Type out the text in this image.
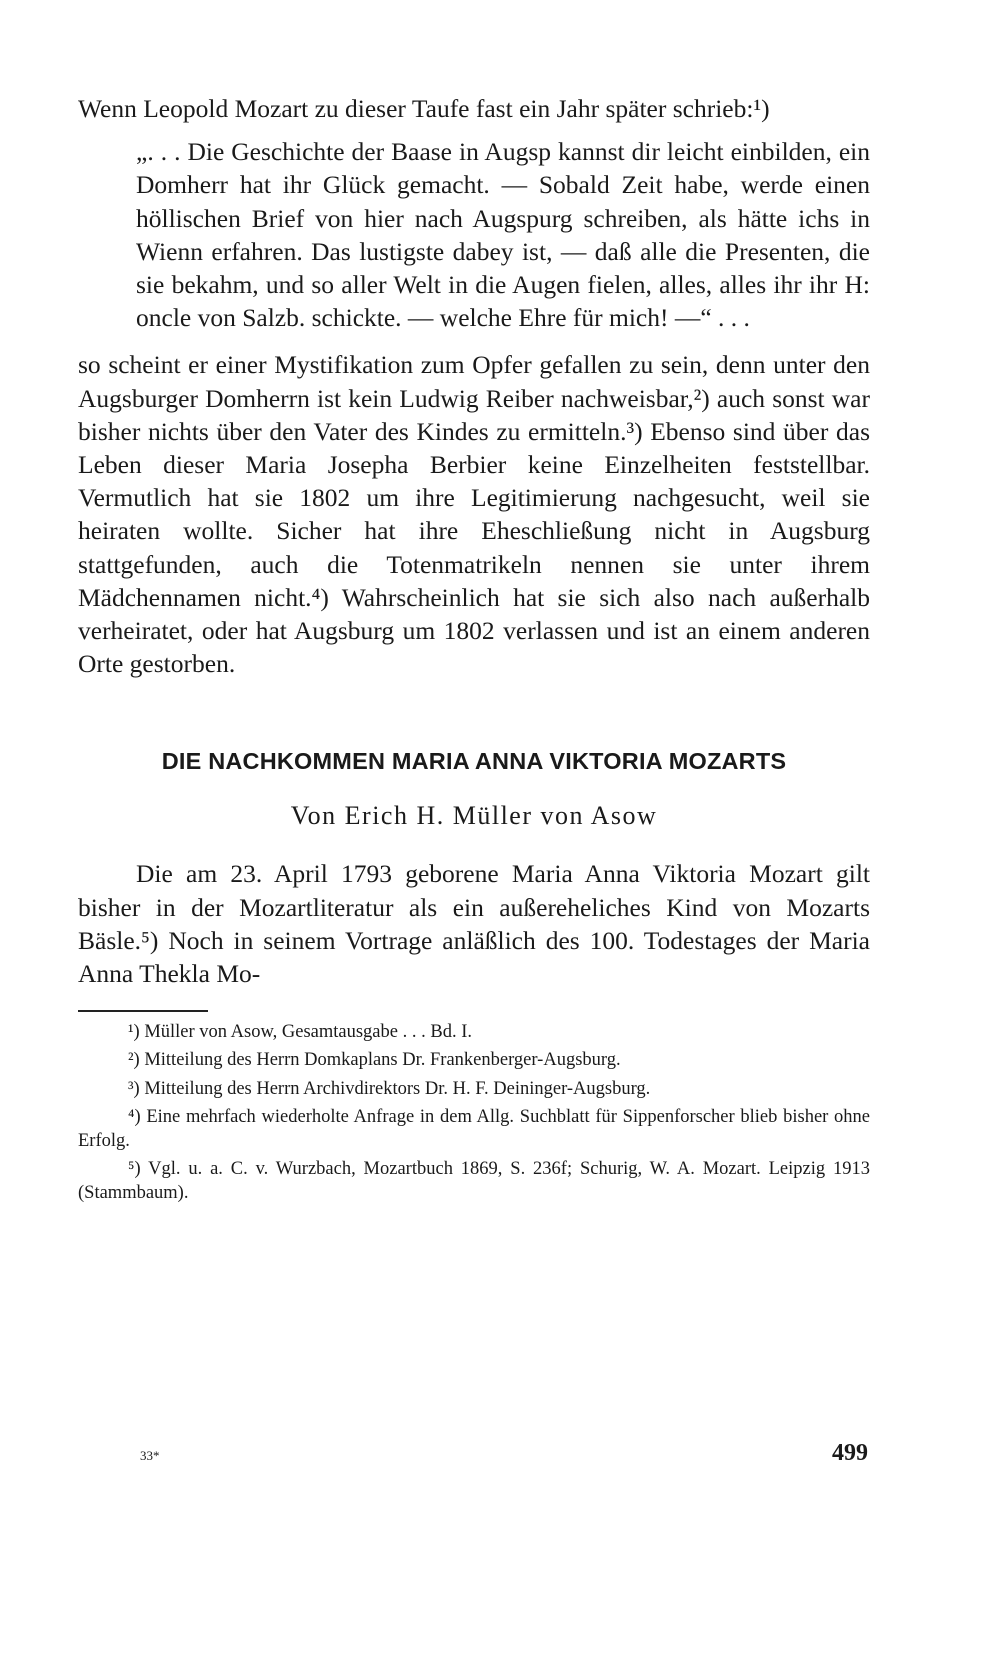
Wenn Leopold Mozart zu dieser Taufe fast ein Jahr später schrieb:¹)

„. . . Die Geschichte der Baase in Augsp kannst dir leicht einbilden, ein Domherr hat ihr Glück gemacht. — Sobald Zeit habe, werde einen höllischen Brief von hier nach Augspurg schreiben, als hätte ichs in Wienn erfahren. Das lustigste dabey ist, — daß alle die Presenten, die sie bekahm, und so aller Welt in die Augen fielen, alles, alles ihr ihr H: oncle von Salzb. schickte. — welche Ehre für mich! —“ . . .

so scheint er einer Mystifikation zum Opfer gefallen zu sein, denn unter den Augsburger Domherrn ist kein Ludwig Reiber nachweisbar,²) auch sonst war bisher nichts über den Vater des Kindes zu ermitteln.³) Ebenso sind über das Leben dieser Maria Josepha Berbier keine Einzelheiten feststellbar. Vermutlich hat sie 1802 um ihre Legitimierung nachgesucht, weil sie heiraten wollte. Sicher hat ihre Eheschließung nicht in Augsburg stattgefunden, auch die Totenmatrikeln nennen sie unter ihrem Mädchennamen nicht.⁴) Wahrscheinlich hat sie sich also nach außerhalb verheiratet, oder hat Augsburg um 1802 verlassen und ist an einem anderen Orte gestorben.

DIE NACHKOMMEN MARIA ANNA VIKTORIA MOZARTS

Von Erich H. Müller von Asow

Die am 23. April 1793 geborene Maria Anna Viktoria Mozart gilt bisher in der Mozartliteratur als ein außereheliches Kind von Mozarts Bäsle.⁵) Noch in seinem Vortrage anläßlich des 100. Todestages der Maria Anna Thekla Mo-

¹) Müller von Asow, Gesamtausgabe . . . Bd. I.

²) Mitteilung des Herrn Domkaplans Dr. Frankenberger-Augsburg.

³) Mitteilung des Herrn Archivdirektors Dr. H. F. Deininger-Augsburg.

⁴) Eine mehrfach wiederholte Anfrage in dem Allg. Suchblatt für Sippenforscher blieb bisher ohne Erfolg.

⁵) Vgl. u. a. C. v. Wurzbach, Mozartbuch 1869, S. 236f; Schurig, W. A. Mozart. Leipzig 1913 (Stammbaum).

33*	499
